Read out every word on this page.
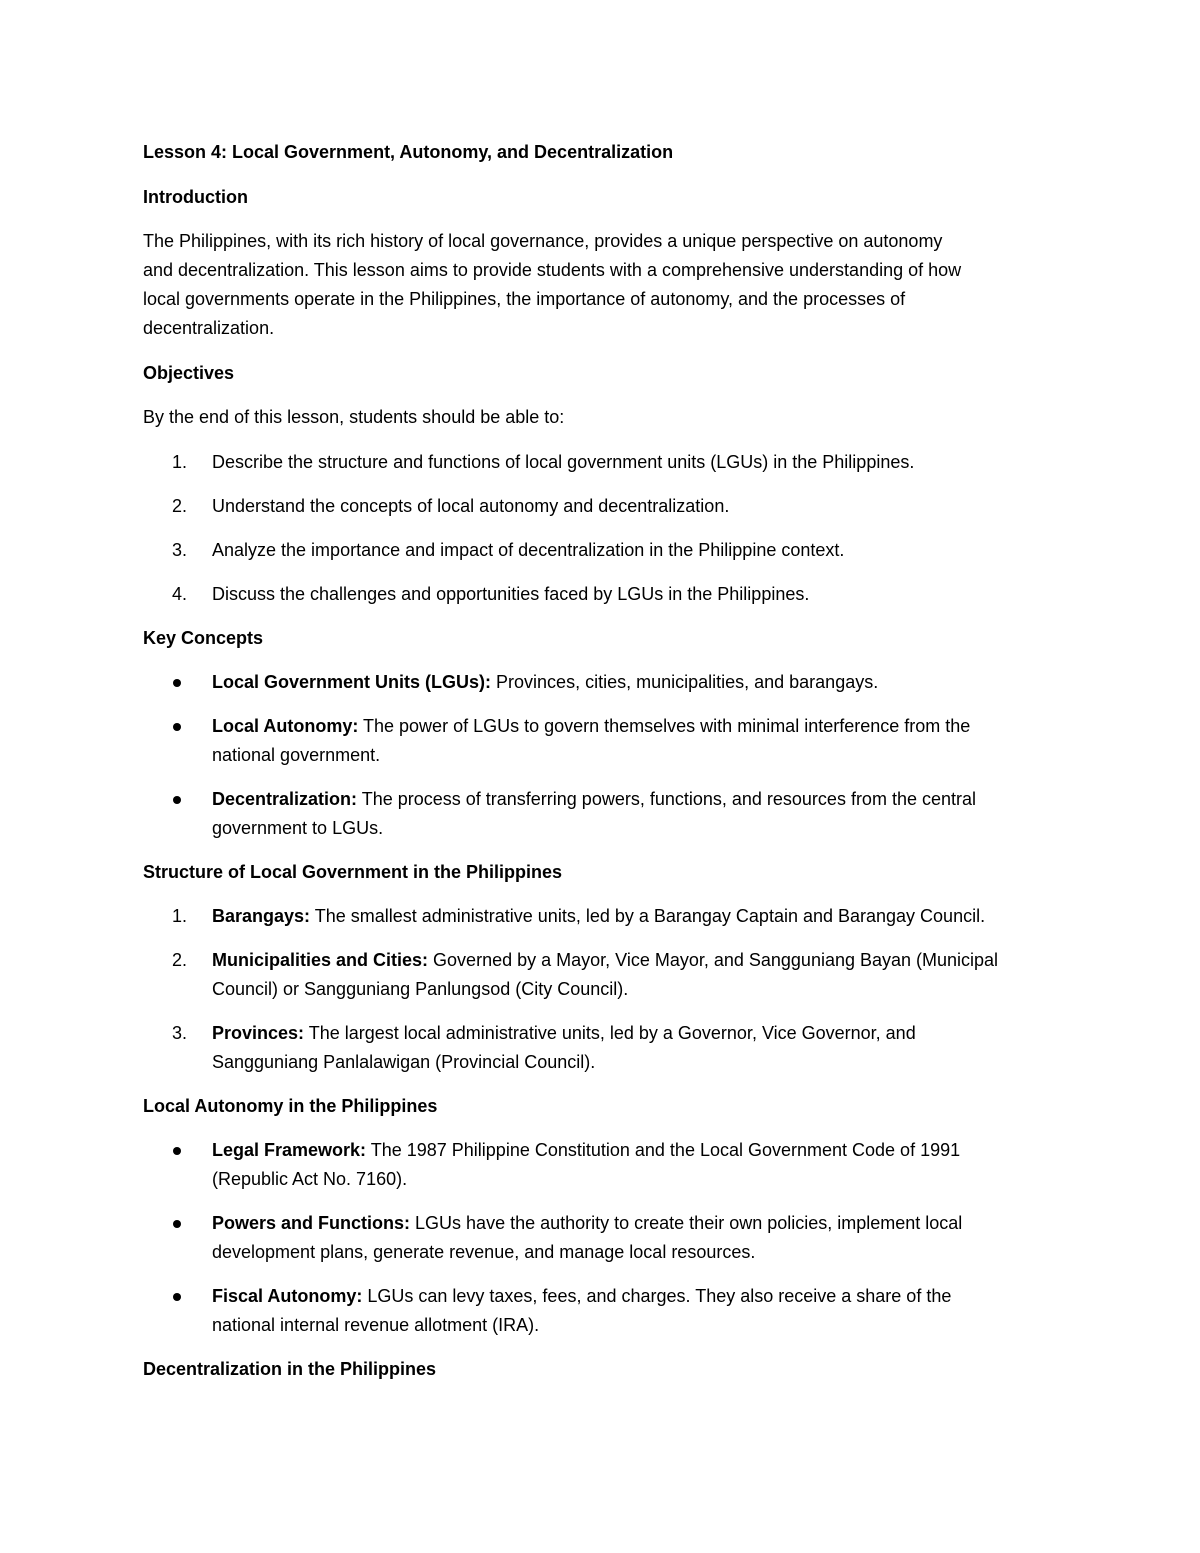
Lesson 4: Local Government, Autonomy, and Decentralization
Introduction
The Philippines, with its rich history of local governance, provides a unique perspective on autonomy
and decentralization. This lesson aims to provide students with a comprehensive understanding of how
local governments operate in the Philippines, the importance of autonomy, and the processes of
decentralization.
Objectives
By the end of this lesson, students should be able to:
1.	Describe the structure and functions of local government units (LGUs) in the Philippines.
2.	Understand the concepts of local autonomy and decentralization.
3.	Analyze the importance and impact of decentralization in the Philippine context.
4.	Discuss the challenges and opportunities faced by LGUs in the Philippines.
Key Concepts
Local Government Units (LGUs): Provinces, cities, municipalities, and barangays.
Local Autonomy: The power of LGUs to govern themselves with minimal interference from the
national government.
Decentralization: The process of transferring powers, functions, and resources from the central
government to LGUs.
Structure of Local Government in the Philippines
1.	Barangays: The smallest administrative units, led by a Barangay Captain and Barangay Council.
2.	Municipalities and Cities: Governed by a Mayor, Vice Mayor, and Sangguniang Bayan (Municipal
Council) or Sangguniang Panlungsod (City Council).
3.	Provinces: The largest local administrative units, led by a Governor, Vice Governor, and
Sangguniang Panlalawigan (Provincial Council).
Local Autonomy in the Philippines
Legal Framework: The 1987 Philippine Constitution and the Local Government Code of 1991
(Republic Act No. 7160).
Powers and Functions: LGUs have the authority to create their own policies, implement local
development plans, generate revenue, and manage local resources.
Fiscal Autonomy: LGUs can levy taxes, fees, and charges. They also receive a share of the
national internal revenue allotment (IRA).
Decentralization in the Philippines
